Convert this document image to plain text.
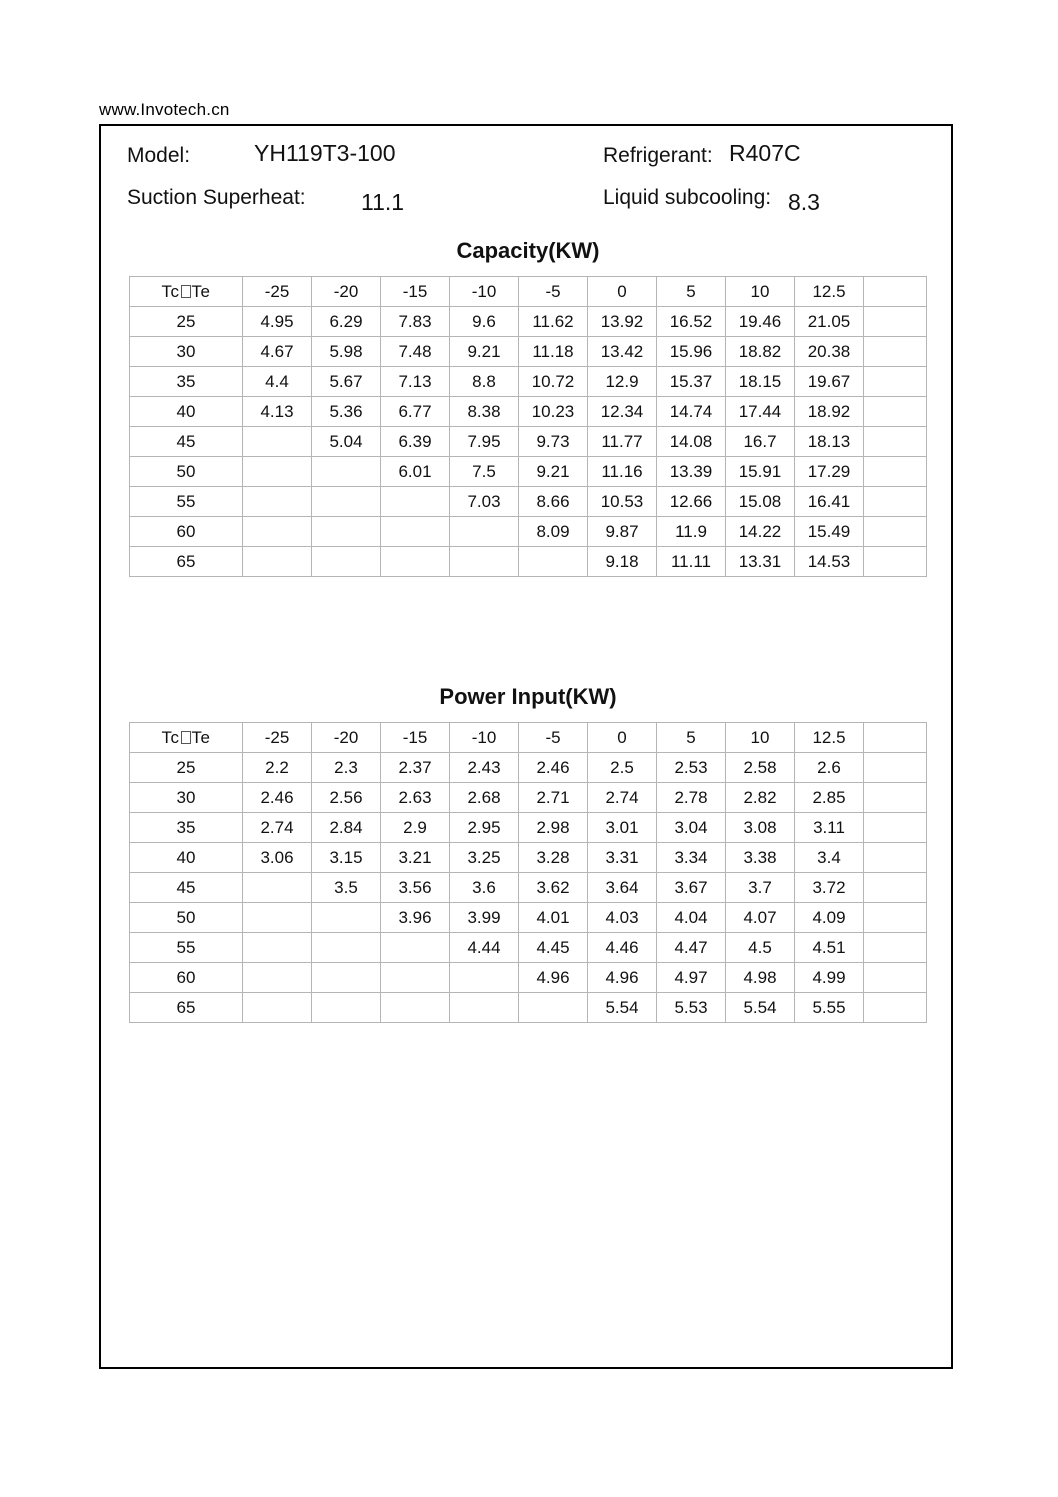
www.Invotech.cn
Model:	YH119T3-100	Refrigerant: R407C
Suction Superheat: 11.1	Liquid subcooling: 8.3
Capacity(KW)
Tc Te	-25	-20	-15	-10	-5	0	5	10	12.5	
25	4.95	6.29	7.83	9.6	11.62	13.92	16.52	19.46	21.05	
30	4.67	5.98	7.48	9.21	11.18	13.42	15.96	18.82	20.38	
35	4.4	5.67	7.13	8.8	10.72	12.9	15.37	18.15	19.67	
40	4.13	5.36	6.77	8.38	10.23	12.34	14.74	17.44	18.92	
45		5.04	6.39	7.95	9.73	11.77	14.08	16.7	18.13	
50			6.01	7.5	9.21	11.16	13.39	15.91	17.29	
55				7.03	8.66	10.53	12.66	15.08	16.41	
60					8.09	9.87	11.9	14.22	15.49	
65						9.18	11.11	13.31	14.53	
Power Input(KW)
Tc Te	-25	-20	-15	-10	-5	0	5	10	12.5	
25	2.2	2.3	2.37	2.43	2.46	2.5	2.53	2.58	2.6	
30	2.46	2.56	2.63	2.68	2.71	2.74	2.78	2.82	2.85	
35	2.74	2.84	2.9	2.95	2.98	3.01	3.04	3.08	3.11	
40	3.06	3.15	3.21	3.25	3.28	3.31	3.34	3.38	3.4	
45		3.5	3.56	3.6	3.62	3.64	3.67	3.7	3.72	
50			3.96	3.99	4.01	4.03	4.04	4.07	4.09	
55				4.44	4.45	4.46	4.47	4.5	4.51	
60					4.96	4.96	4.97	4.98	4.99	
65						5.54	5.53	5.54	5.55	
